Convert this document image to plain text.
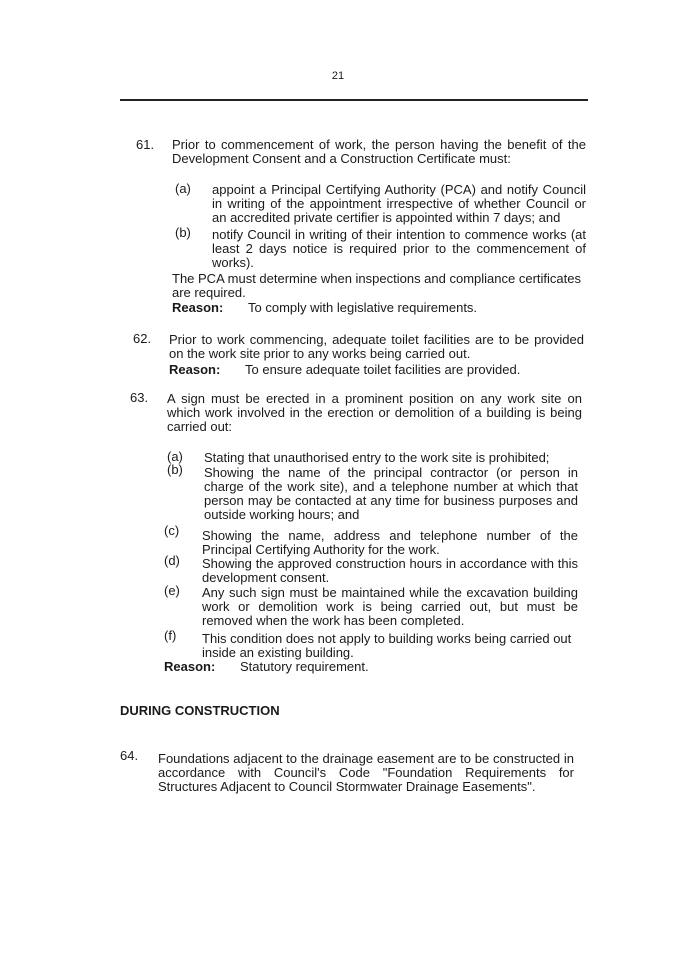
21
61. Prior to commencement of work, the person having the benefit of the Development Consent and a Construction Certificate must:
(a) appoint a Principal Certifying Authority (PCA) and notify Council in writing of the appointment irrespective of whether Council or an accredited private certifier is appointed within 7 days; and
(b) notify Council in writing of their intention to commence works (at least 2 days notice is required prior to the commencement of works).
The PCA must determine when inspections and compliance certificates are required.
Reason: To comply with legislative requirements.
62. Prior to work commencing, adequate toilet facilities are to be provided on the work site prior to any works being carried out.
Reason: To ensure adequate toilet facilities are provided.
63. A sign must be erected in a prominent position on any work site on which work involved in the erection or demolition of a building is being carried out:
(a) Stating that unauthorised entry to the work site is prohibited;
(b) Showing the name of the principal contractor (or person in charge of the work site), and a telephone number at which that person may be contacted at any time for business purposes and outside working hours; and
(c) Showing the name, address and telephone number of the Principal Certifying Authority for the work.
(d) Showing the approved construction hours in accordance with this development consent.
(e) Any such sign must be maintained while the excavation building work or demolition work is being carried out, but must be removed when the work has been completed.
(f) This condition does not apply to building works being carried out inside an existing building.
Reason: Statutory requirement.
DURING CONSTRUCTION
64. Foundations adjacent to the drainage easement are to be constructed in accordance with Council's Code "Foundation Requirements for Structures Adjacent to Council Stormwater Drainage Easements".
